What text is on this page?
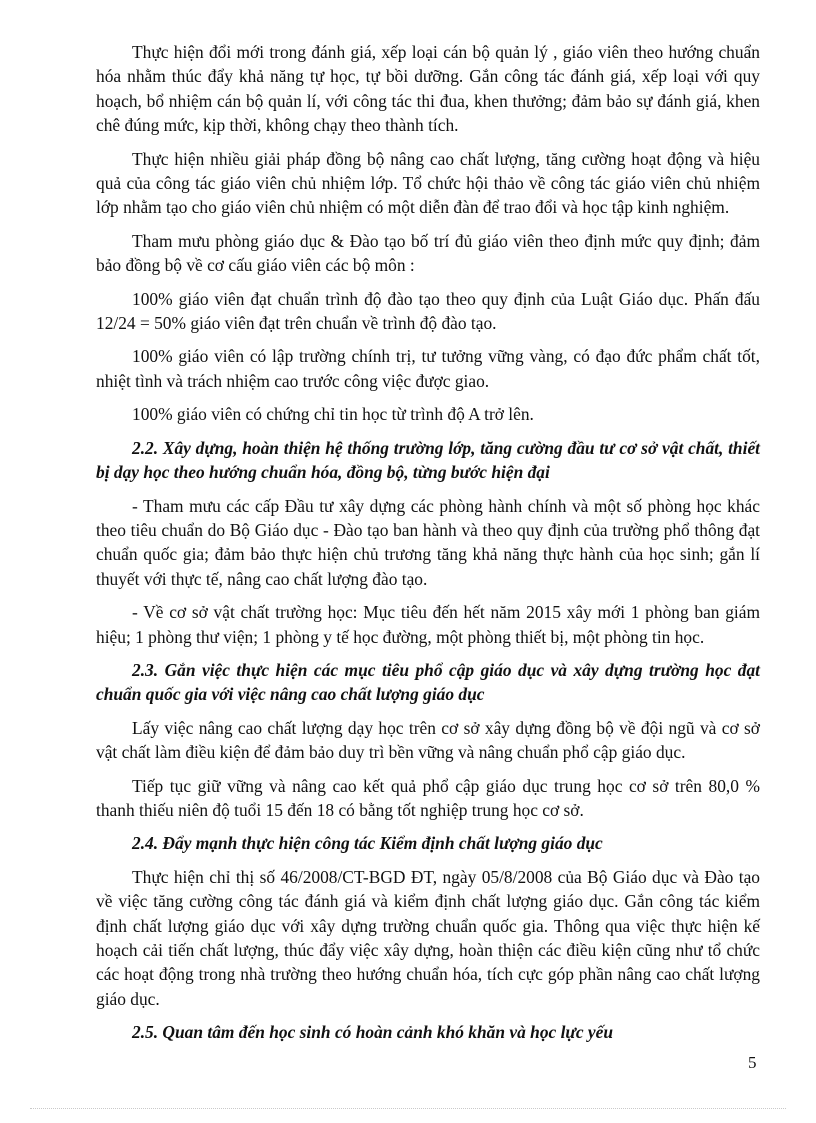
Thực hiện đổi mới trong đánh giá, xếp loại cán bộ quản lý , giáo viên theo hướng chuẩn hóa nhằm thúc đẩy khả năng tự học, tự bồi dưỡng. Gắn công tác đánh giá, xếp loại với quy hoạch, bổ nhiệm cán bộ quản lí, với công tác thi đua, khen thưởng; đảm bảo sự đánh giá, khen chê đúng mức, kịp thời, không chạy theo thành tích.

Thực hiện nhiều giải pháp đồng bộ nâng cao chất lượng, tăng cường hoạt động và hiệu quả của công tác giáo viên chủ nhiệm lớp. Tổ chức hội thảo về công tác giáo viên chủ nhiệm lớp nhằm tạo cho giáo viên chủ nhiệm có một diễn đàn để trao đổi và học tập kinh nghiệm.

Tham mưu phòng giáo dục & Đào tạo bố trí đủ giáo viên theo định mức quy định; đảm bảo đồng bộ về cơ cấu giáo viên các bộ môn :

100% giáo viên đạt chuẩn trình độ đào tạo theo quy định của Luật Giáo dục. Phấn đấu 12/24 = 50% giáo viên đạt trên chuẩn về trình độ đào tạo.

100% giáo viên có lập trường chính trị, tư tưởng vững vàng, có đạo đức phẩm chất tốt, nhiệt tình và trách nhiệm cao trước công việc được giao.

100% giáo viên có chứng chỉ tin học từ trình độ A trở lên.

2.2. Xây dựng, hoàn thiện hệ thống trường lớp, tăng cường đầu tư cơ sở vật chất, thiết bị dạy học theo hướng chuẩn hóa, đồng bộ, từng bước hiện đại

- Tham mưu các cấp Đầu tư xây dựng các phòng hành chính và một số phòng học khác theo tiêu chuẩn do Bộ Giáo dục - Đào tạo ban hành và theo quy định của trường phổ thông đạt chuẩn quốc gia; đảm bảo thực hiện chủ trương tăng khả năng thực hành của học sinh; gắn lí thuyết với thực tế, nâng cao chất lượng đào tạo.

- Về cơ sở vật chất trường học: Mục tiêu đến hết năm 2015 xây mới 1 phòng ban giám hiệu; 1 phòng thư viện; 1 phòng y tế học đường, một phòng thiết bị, một phòng tin học.

2.3. Gắn việc thực hiện các mục tiêu phổ cập giáo dục và xây dựng trường học đạt chuẩn quốc gia với việc nâng cao chất lượng giáo dục

Lấy việc nâng cao chất lượng dạy học trên cơ sở xây dựng đồng bộ về đội ngũ và cơ sở vật chất làm điều kiện để đảm bảo duy trì bền vững và nâng chuẩn phổ cập giáo dục.

Tiếp tục giữ vững và nâng cao kết quả phổ cập giáo dục trung học cơ sở trên 80,0 % thanh thiếu niên độ tuổi 15 đến 18 có bằng tốt nghiệp trung học cơ sở.

2.4. Đẩy mạnh thực hiện công tác Kiểm định chất lượng giáo dục

Thực hiện chỉ thị số 46/2008/CT-BGD ĐT, ngày 05/8/2008 của Bộ Giáo dục và Đào tạo về việc tăng cường công tác đánh giá và kiểm định chất lượng giáo dục. Gắn công tác kiểm định chất lượng giáo dục với xây dựng trường chuẩn quốc gia. Thông qua việc thực hiện kế hoạch cải tiến chất lượng, thúc đẩy việc xây dựng, hoàn thiện các điều kiện cũng như tổ chức các hoạt động trong nhà trường theo hướng chuẩn hóa, tích cực góp phần nâng cao chất lượng giáo dục.

2.5. Quan tâm đến học sinh có hoàn cảnh khó khăn và học lực yếu

5
